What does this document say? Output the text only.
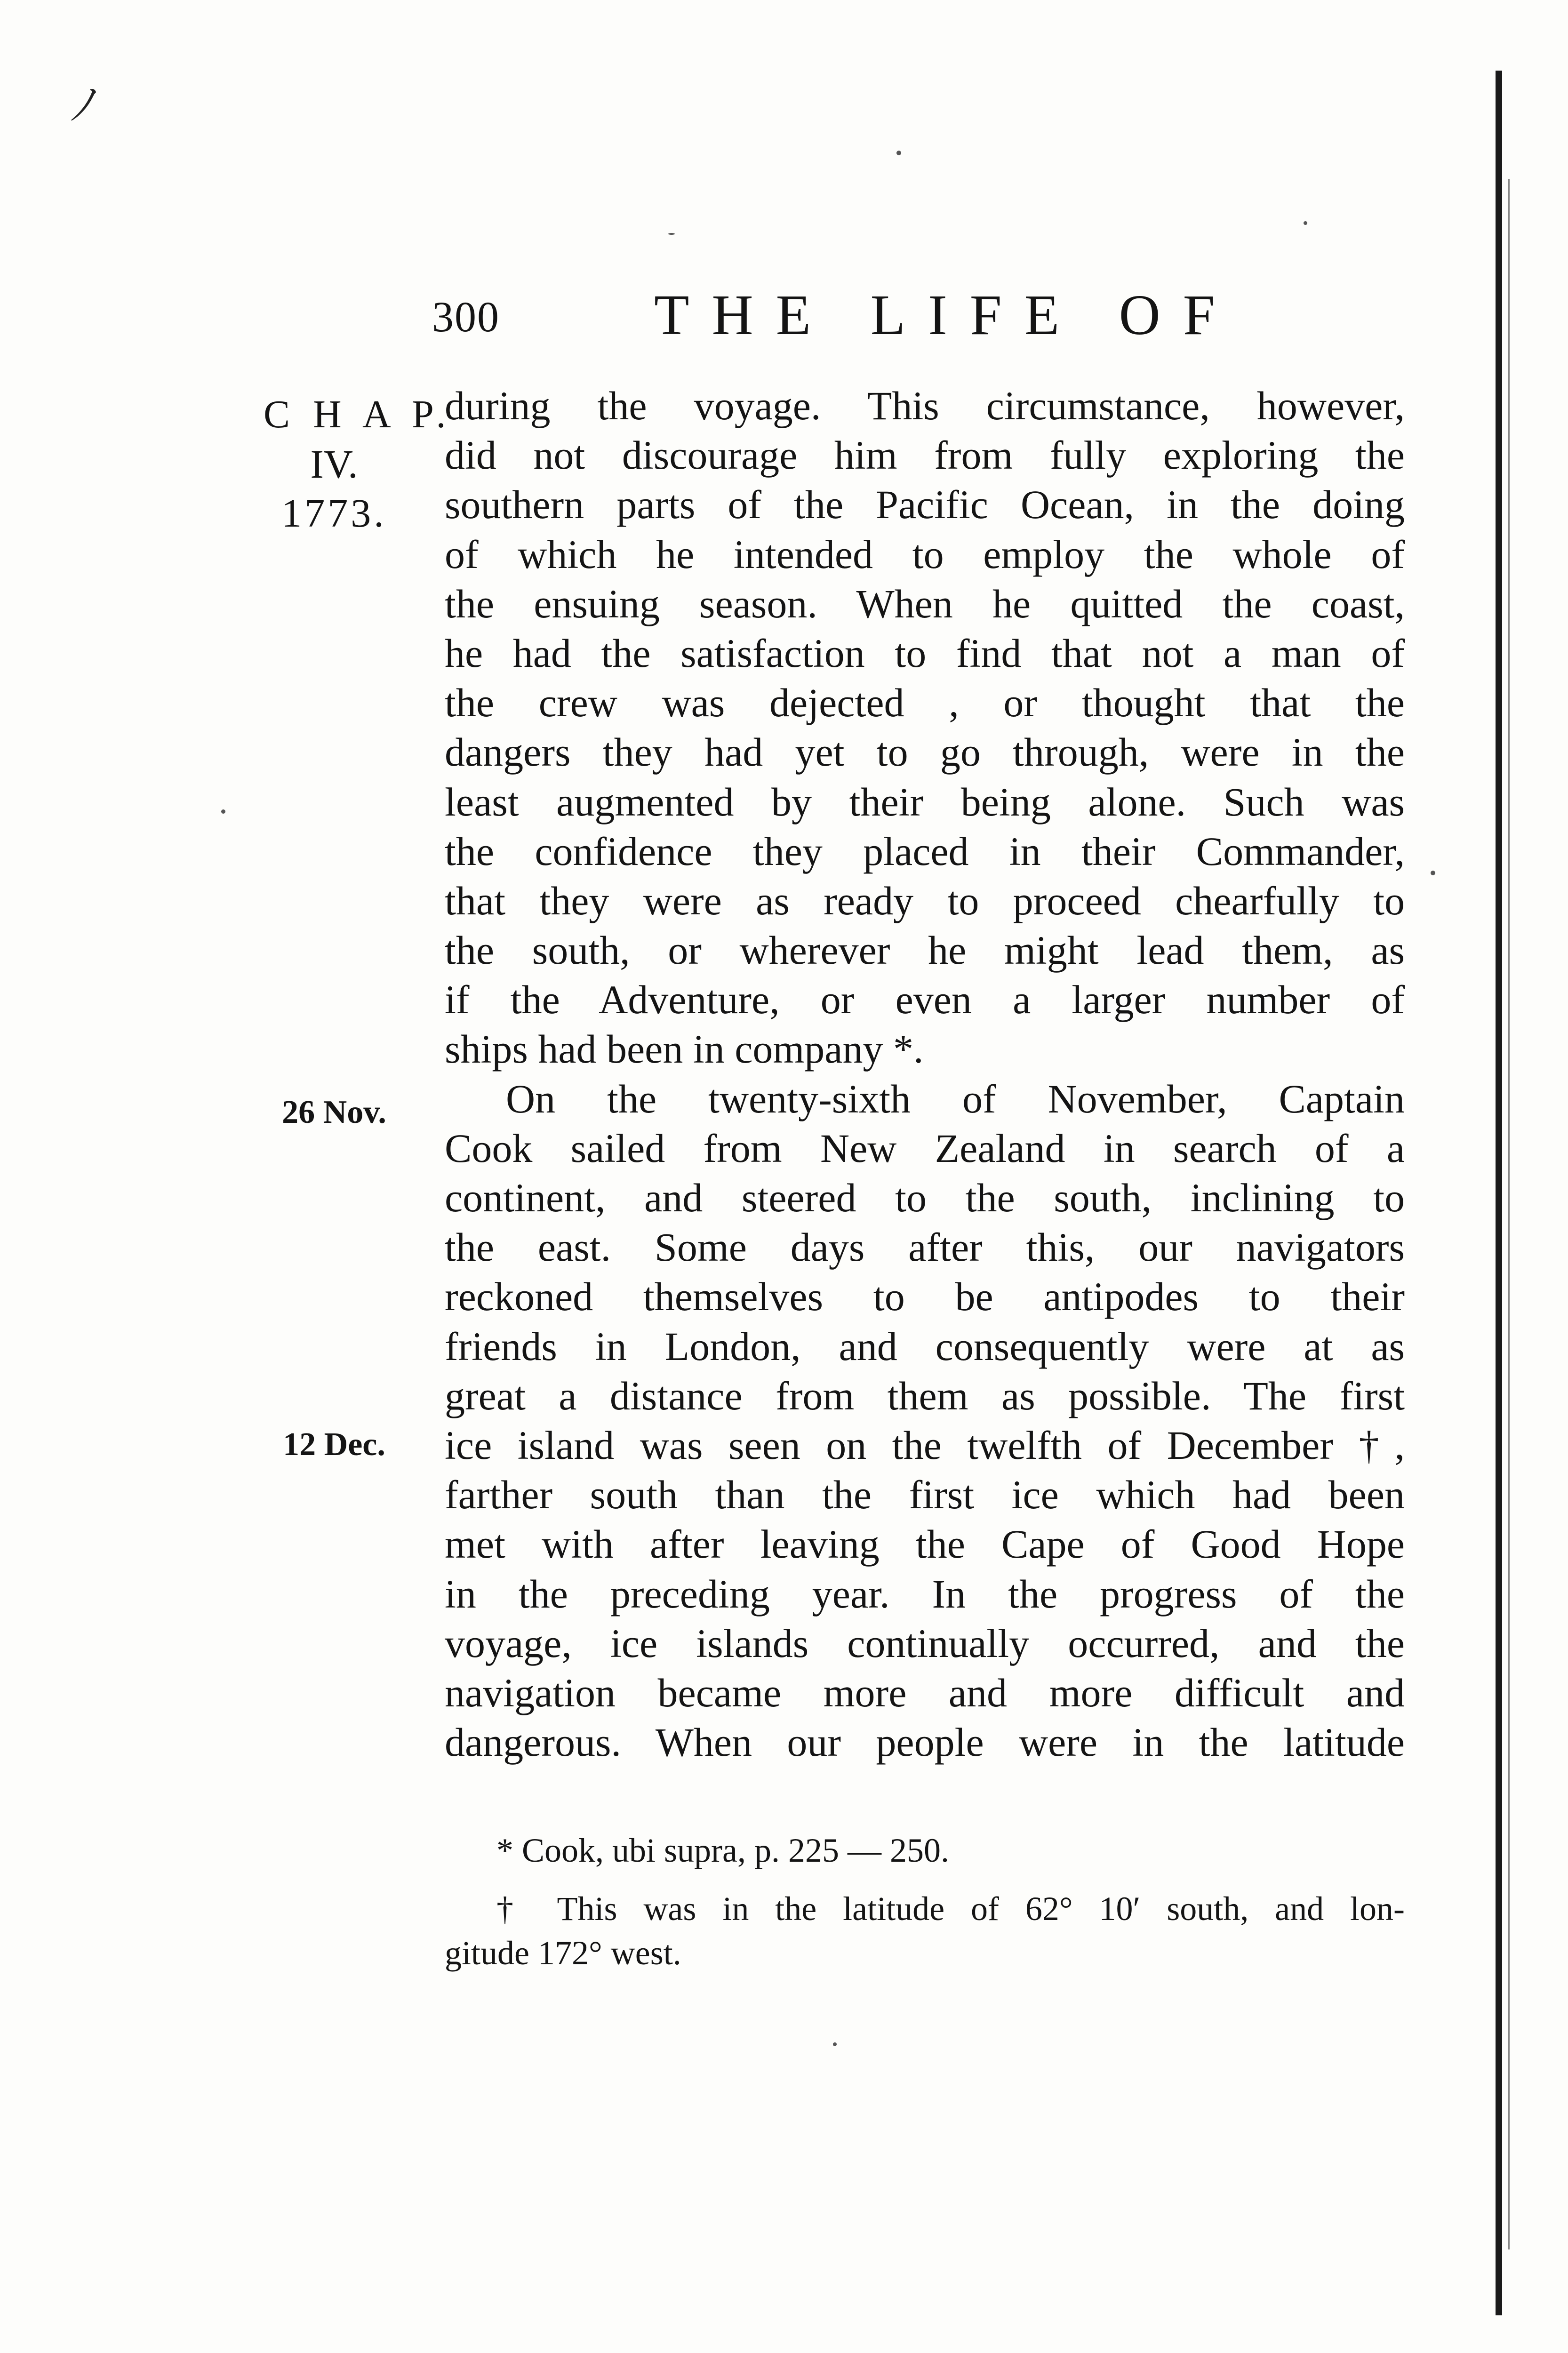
ﾉ
300	THE LIFE OF
C H A P.
IV.
1773.
26 Nov.
12 Dec.
during the voyage. This circumstance, however,
did not discourage him from fully exploring the
southern parts of the Pacific Ocean, in the doing
of which he intended to employ the whole of
the ensuing season. When he quitted the coast,
he had the satisfaction to find that not a man of
the crew was dejected , or thought that the
dangers they had yet to go through, were in the
least augmented by their being alone. Such was
the confidence they placed in their Commander,
that they were as ready to proceed chearfully to
the south, or wherever he might lead them, as
if the Adventure, or even a larger number of
ships had been in company *.
On the twenty-sixth of November, Captain
Cook sailed from New Zealand in search of a
continent, and steered to the south, inclining to
the east. Some days after this, our navigators
reckoned themselves to be antipodes to their
friends in London, and consequently were at as
great a distance from them as possible. The first
ice island was seen on the twelfth of December †,
farther south than the first ice which had been
met with after leaving the Cape of Good Hope
in the preceding year. In the progress of the
voyage, ice islands continually occurred, and the
navigation became more and more difficult and
dangerous. When our people were in the latitude
* Cook, ubi supra, p. 225 — 250.
† This was in the latitude of 62° 10′ south, and lon-
gitude 172° west.
